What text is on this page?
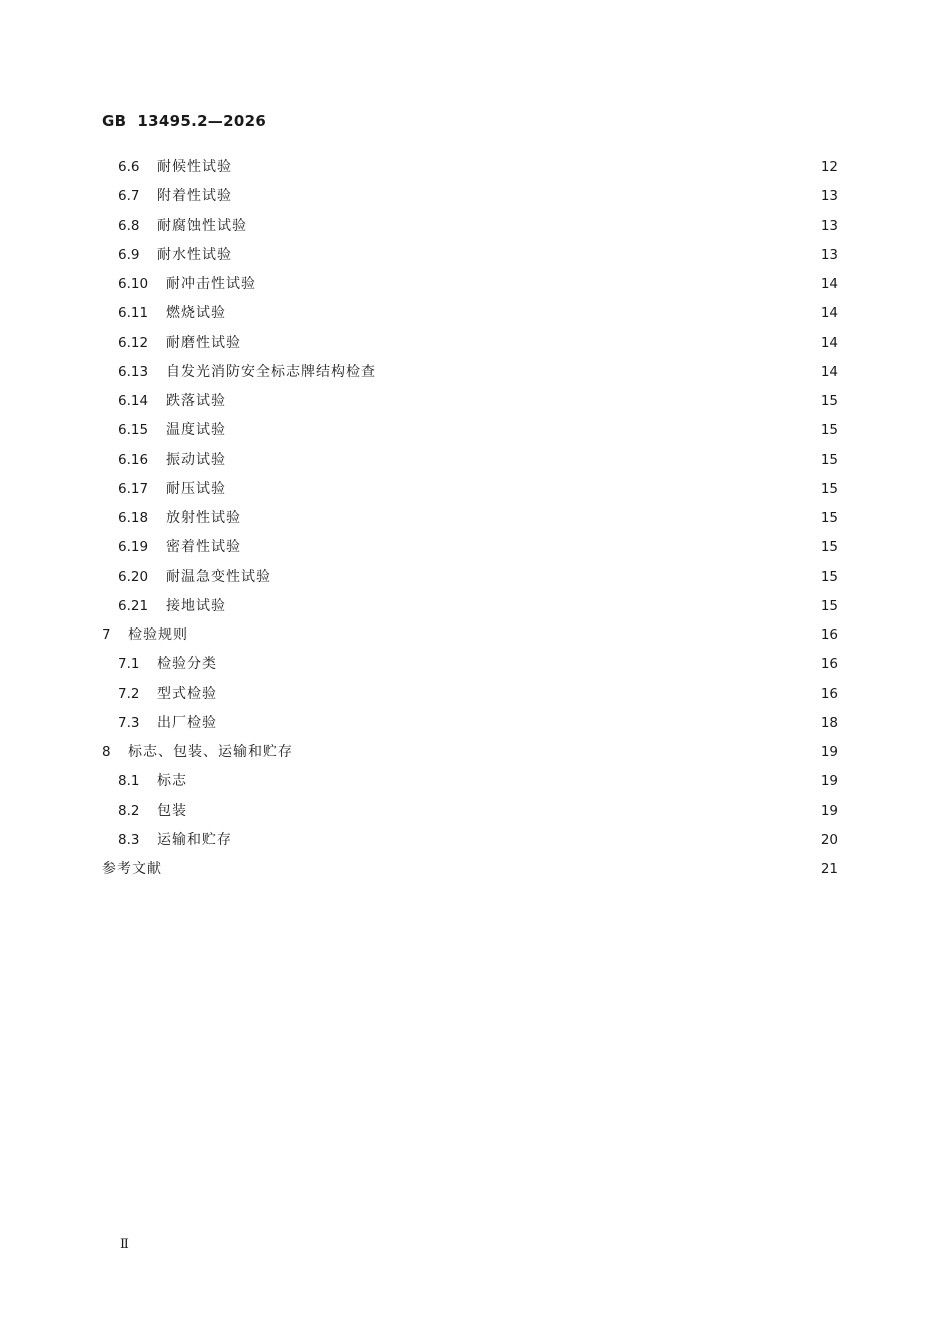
GB  13495.2—2026
6.6	耐候性试验	12
6.7	附着性试验	13
6.8	耐腐蚀性试验	13
6.9	耐水性试验	13
6.10	耐冲击性试验	14
6.11	燃烧试验	14
6.12	耐磨性试验	14
6.13	自发光消防安全标志牌结构检查	14
6.14	跌落试验	15
6.15	温度试验	15
6.16	振动试验	15
6.17	耐压试验	15
6.18	放射性试验	15
6.19	密着性试验	15
6.20	耐温急变性试验	15
6.21	接地试验	15
7	检验规则	16
7.1	检验分类	16
7.2	型式检验	16
7.3	出厂检验	18
8	标志、包装、运输和贮存	19
8.1	标志	19
8.2	包装	19
8.3	运输和贮存	20
参考文献	21
Ⅱ
